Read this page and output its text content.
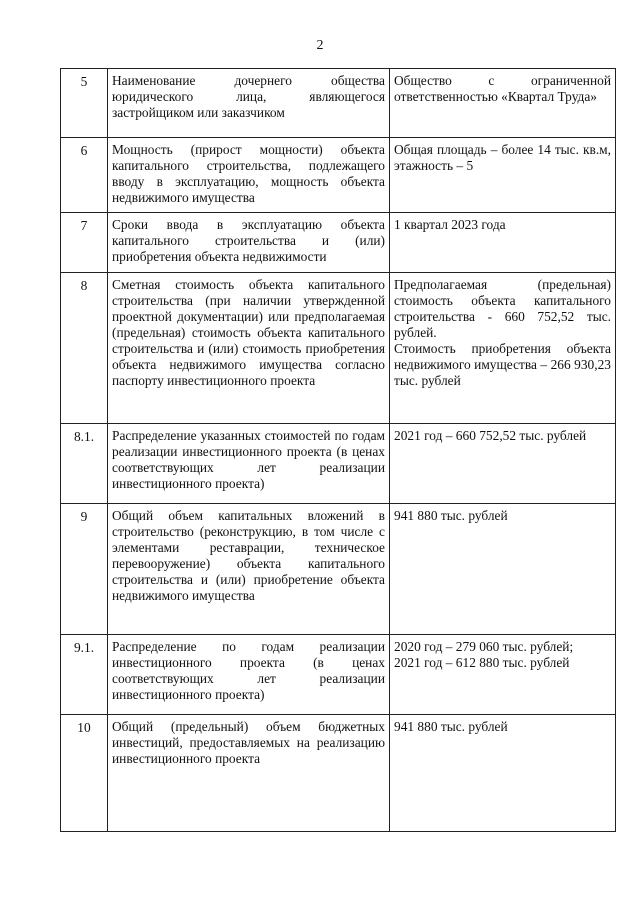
2
5	Наименование дочернего общества юридического лица, являющегося застройщиком или заказчиком	Общество с ограниченной ответственностью «Квартал Труда»

6	Мощность (прирост мощности) объекта капитального строительства, подлежащего вводу в эксплуатацию, мощность объекта недвижимого имущества	Общая площадь – более 14 тыс. кв.м, этажность – 5

7	Сроки ввода в эксплуатацию объекта капитального строительства и (или) приобретения объекта недвижимости	1 квартал 2023 года

8	Сметная стоимость объекта капитального строительства (при наличии утвержденной проектной документации) или предполагаемая (предельная) стоимость объекта капитального строительства и (или) стоимость приобретения объекта недвижимого имущества согласно паспорту инвестиционного проекта	Предполагаемая (предельная) стоимость объекта капитального строительства - 660 752,52 тыс. рублей.
Стоимость приобретения объекта недвижимого имущества – 266 930,23 тыс. рублей

8.1.	Распределение указанных стоимостей по годам реализации инвестиционного проекта (в ценах соответствующих лет реализации инвестиционного проекта)	2021 год – 660 752,52 тыс. рублей

9	Общий объем капитальных вложений в строительство (реконструкцию, в том числе с элементами реставрации, техническое перевооружение) объекта капитального строительства и (или) приобретение объекта недвижимого имущества	941 880 тыс. рублей

9.1.	Распределение по годам реализации инвестиционного проекта (в ценах соответствующих лет реализации инвестиционного проекта)	2020 год – 279 060 тыс. рублей;
2021 год – 612 880 тыс. рублей

10	Общий (предельный) объем бюджетных инвестиций, предоставляемых на реализацию инвестиционного проекта	941 880 тыс. рублей
